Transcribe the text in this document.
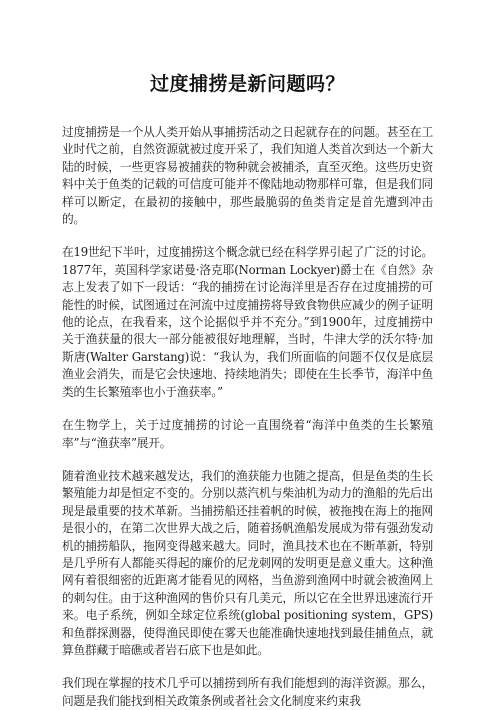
过度捕捞是新问题吗？

过度捕捞是一个从人类开始从事捕捞活动之日起就存在的问题。甚至在工业时代之前，自然资源就被过度开采了，我们知道人类首次到达一个新大陆的时候，一些更容易被捕获的物种就会被捕杀，直至灭绝。这些历史资料中关于鱼类的记载的可信度可能并不像陆地动物那样可靠，但是我们同样可以断定，在最初的接触中，那些最脆弱的鱼类肯定是首先遭到冲击的。

在19世纪下半叶，过度捕捞这个概念就已经在科学界引起了广泛的讨论。1877年，英国科学家诺曼·洛克耶(Norman Lockyer)爵士在《自然》杂志上发表了如下一段话：“我的捕捞在讨论海洋里是否存在过度捕捞的可能性的时候，试图通过在河流中过度捕捞将导致食物供应减少的例子证明他的论点，在我看来，这个论据似乎并不充分。”到1900年，过度捕捞中关于渔获量的很大一部分能被很好地理解，当时，牛津大学的沃尔特·加斯唐(Walter Garstang)说：“我认为，我们所面临的问题不仅仅是底层渔业会消失，而是它会快速地、持续地消失；即使在生长季节，海洋中鱼类的生长繁殖率也小于渔获率。”

在生物学上，关于过度捕捞的讨论一直围绕着“海洋中鱼类的生长繁殖率”与“渔获率”展开。

随着渔业技术越来越发达，我们的渔获能力也随之提高，但是鱼类的生长繁殖能力却是恒定不变的。分别以蒸汽机与柴油机为动力的渔船的先后出现是最重要的技术革新。当捕捞船还挂着帆的时候，被拖拽在海上的拖网是很小的，在第二次世界大战之后，随着扬帆渔船发展成为带有强劲发动机的捕捞船队，拖网变得越来越大。同时，渔具技术也在不断革新，特别是几乎所有人都能买得起的廉价的尼龙刺网的发明更是意义重大。这种渔网有着很细密的近距离才能看见的网格，当鱼游到渔网中时就会被渔网上的刺勾住。由于这种渔网的售价只有几美元，所以它在全世界迅速流行开来。电子系统，例如全球定位系统(global positioning system，GPS)和鱼群探测器，使得渔民即使在雾天也能准确快速地找到最佳捕鱼点，就算鱼群藏于暗礁或者岩石底下也是如此。

我们现在掌握的技术几乎可以捕捞到所有我们能想到的海洋资源。那么，问题是我们能找到相关政策条例或者社会文化制度来约束我
